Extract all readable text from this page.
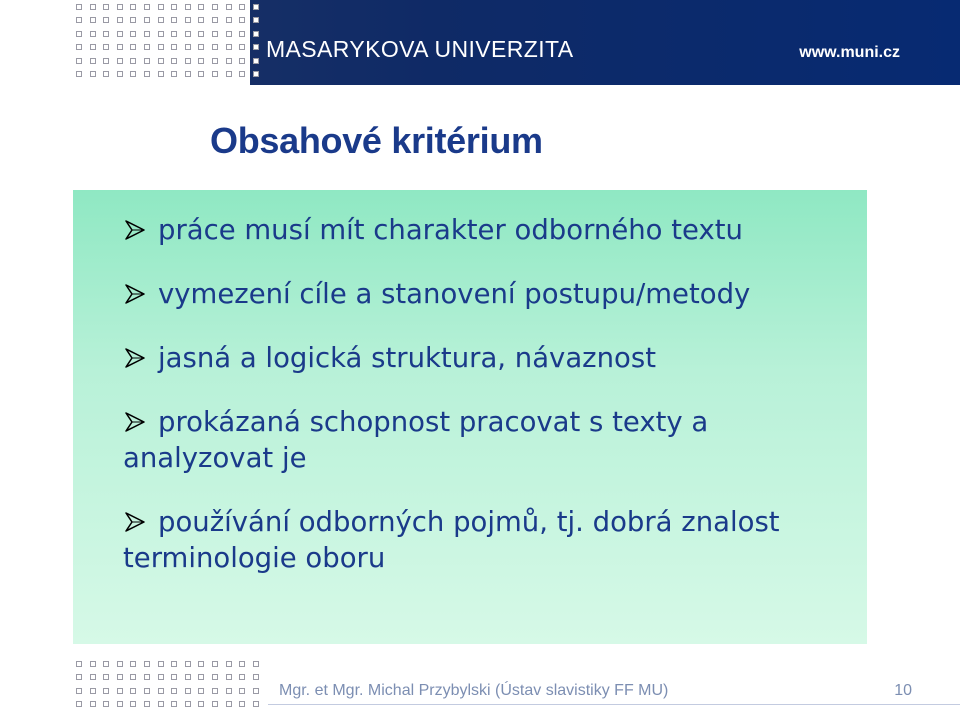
MASARYKOVA UNIVERZITA	www.muni.cz
Obsahové kritérium
práce musí mít charakter odborného textu
vymezení cíle a stanovení postupu/metody
jasná a logická struktura, návaznost
prokázaná schopnost pracovat s texty a analyzovat je
používání odborných pojmů, tj. dobrá znalost terminologie oboru
Mgr. et Mgr. Michal Przybylski (Ústav slavistiky FF MU)	10
